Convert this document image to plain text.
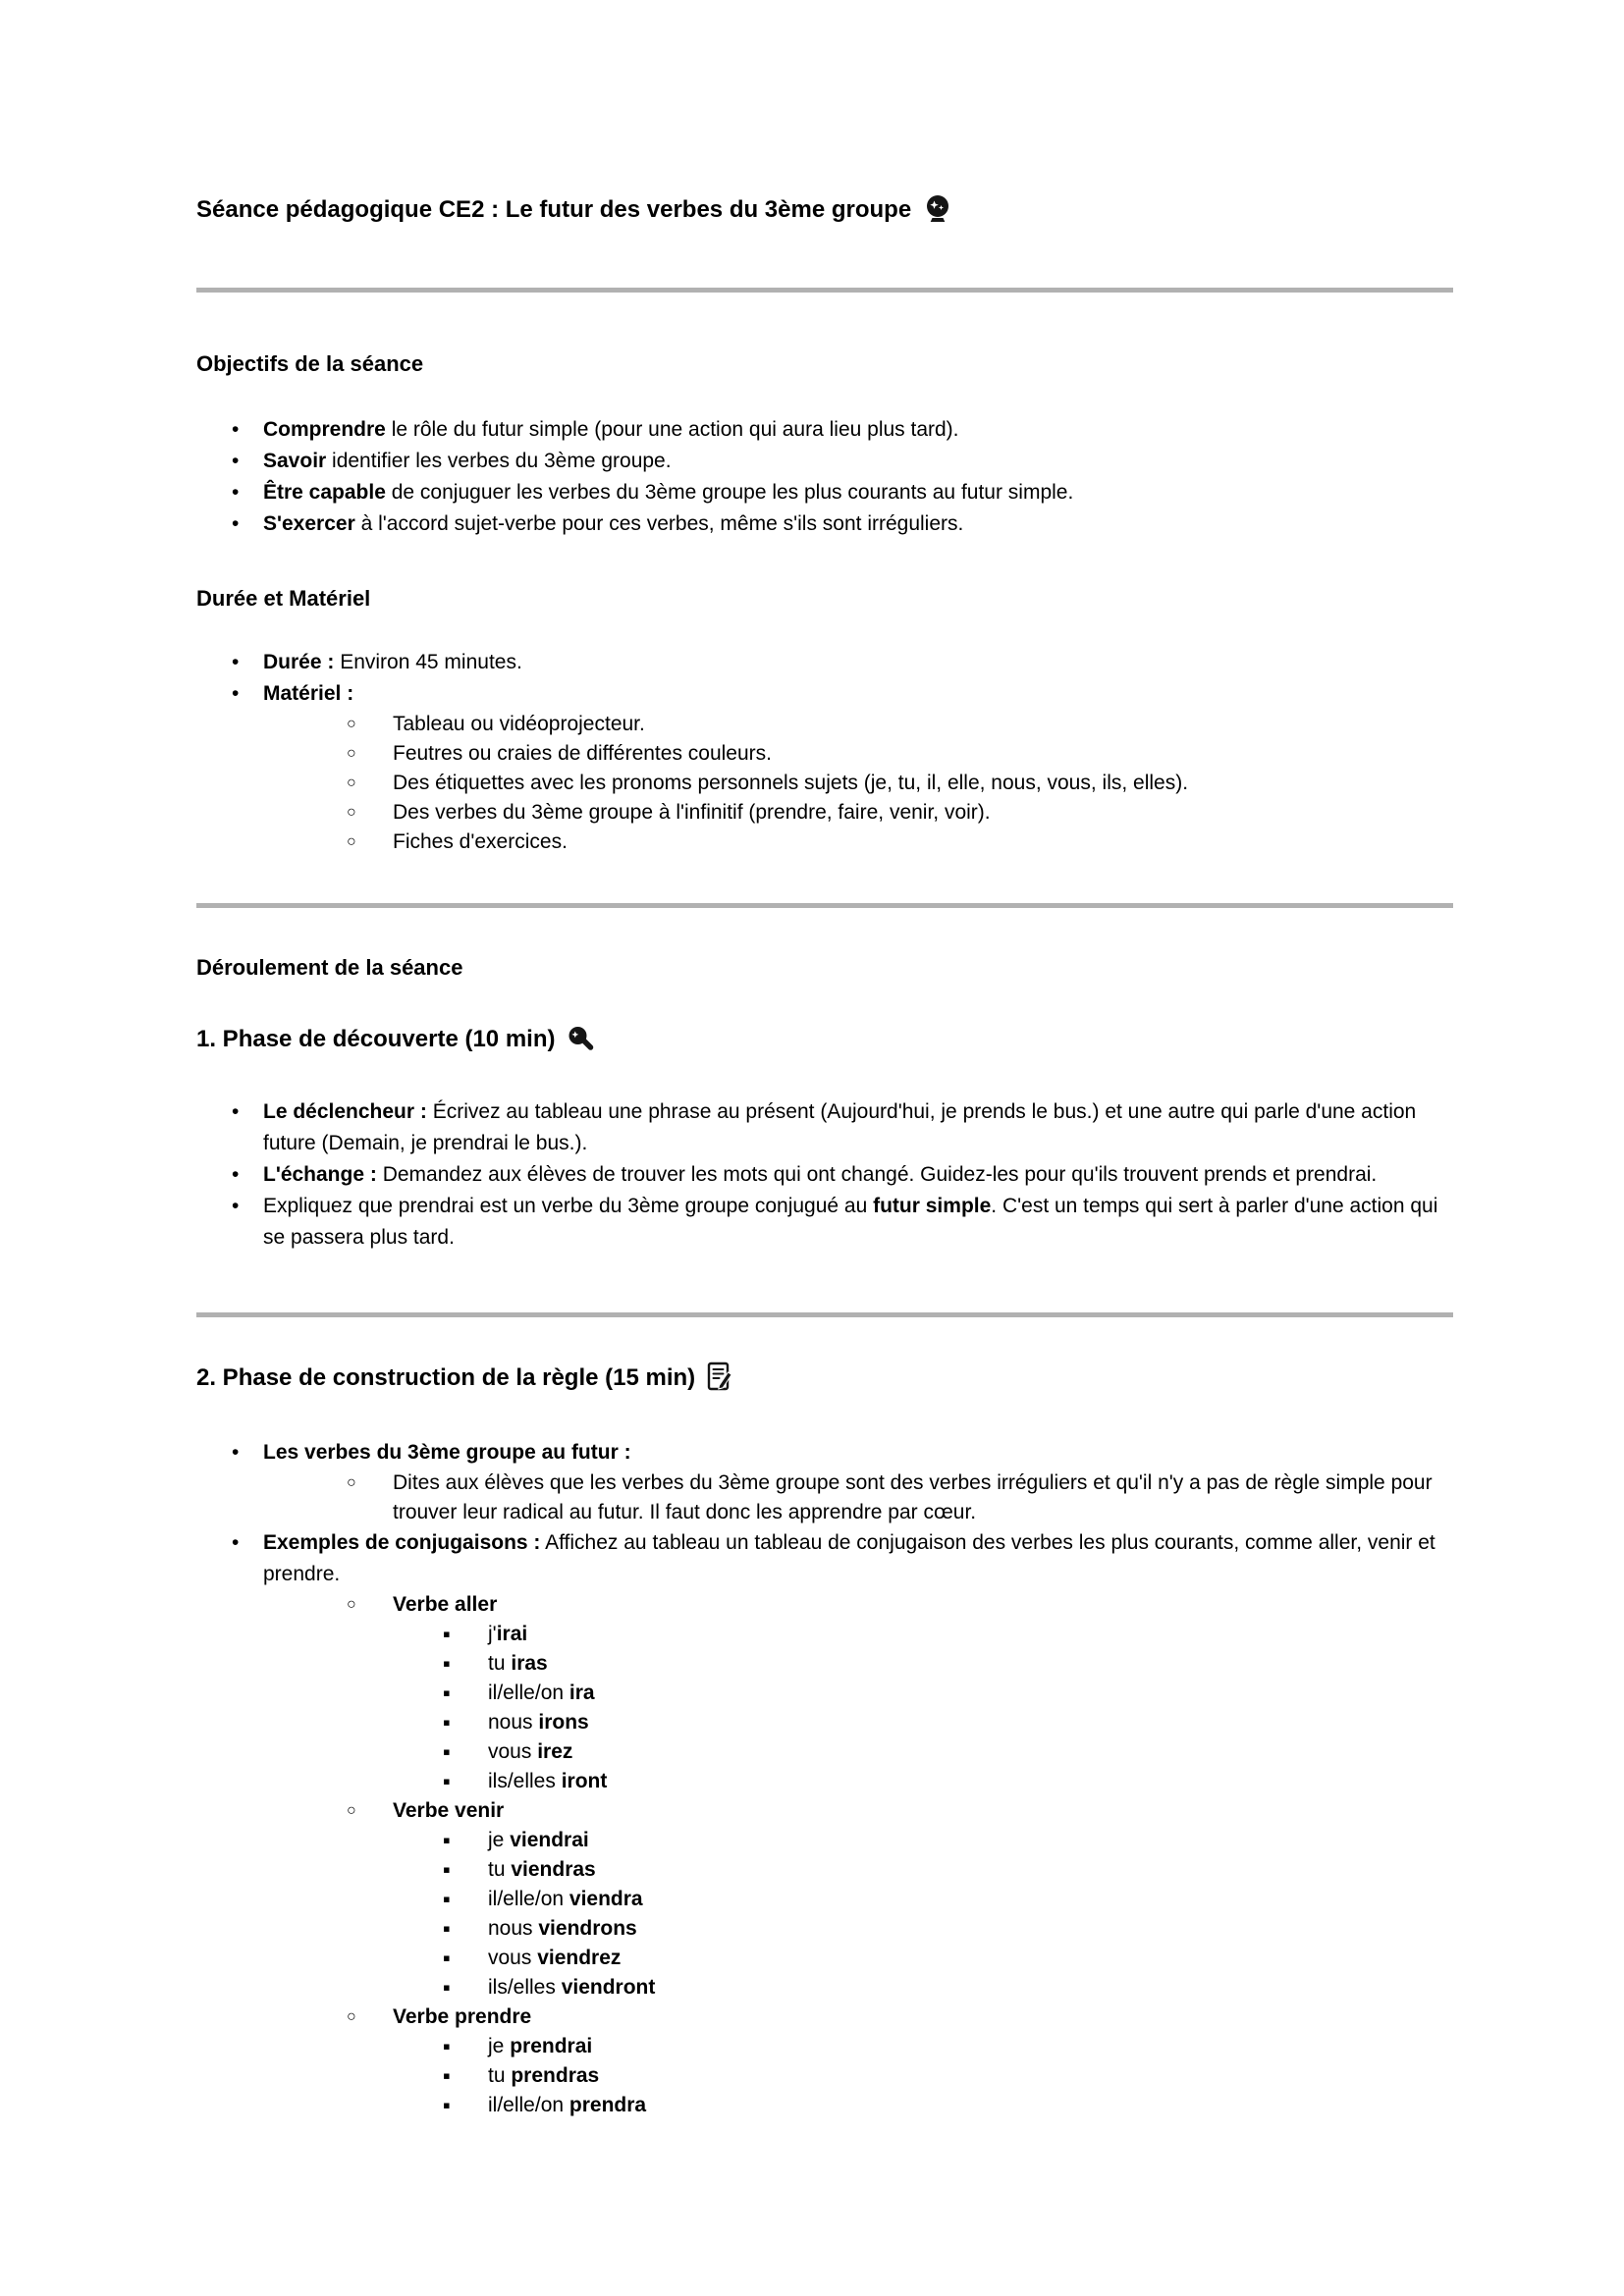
Séance pédagogique CE2 : Le futur des verbes du 3ème groupe
Objectifs de la séance
• Comprendre le rôle du futur simple (pour une action qui aura lieu plus tard).
• Savoir identifier les verbes du 3ème groupe.
• Être capable de conjuguer les verbes du 3ème groupe les plus courants au futur simple.
• S'exercer à l'accord sujet-verbe pour ces verbes, même s'ils sont irréguliers.
Durée et Matériel
• Durée : Environ 45 minutes.
• Matériel :
○ Tableau ou vidéoprojecteur.
○ Feutres ou craies de différentes couleurs.
○ Des étiquettes avec les pronoms personnels sujets (je, tu, il, elle, nous, vous, ils, elles).
○ Des verbes du 3ème groupe à l'infinitif (prendre, faire, venir, voir).
○ Fiches d'exercices.
Déroulement de la séance
1. Phase de découverte (10 min)
• Le déclencheur : Écrivez au tableau une phrase au présent (Aujourd'hui, je prends le bus.) et une autre qui parle d'une action future (Demain, je prendrai le bus.).
• L'échange : Demandez aux élèves de trouver les mots qui ont changé. Guidez-les pour qu'ils trouvent prends et prendrai.
• Expliquez que prendrai est un verbe du 3ème groupe conjugué au futur simple. C'est un temps qui sert à parler d'une action qui se passera plus tard.
2. Phase de construction de la règle (15 min)
• Les verbes du 3ème groupe au futur :
○ Dites aux élèves que les verbes du 3ème groupe sont des verbes irréguliers et qu'il n'y a pas de règle simple pour trouver leur radical au futur. Il faut donc les apprendre par cœur.
• Exemples de conjugaisons : Affichez au tableau un tableau de conjugaison des verbes les plus courants, comme aller, venir et prendre.
○ Verbe aller
▪ j'irai
▪ tu iras
▪ il/elle/on ira
▪ nous irons
▪ vous irez
▪ ils/elles iront
○ Verbe venir
▪ je viendrai
▪ tu viendras
▪ il/elle/on viendra
▪ nous viendrons
▪ vous viendrez
▪ ils/elles viendront
○ Verbe prendre
▪ je prendrai
▪ tu prendras
▪ il/elle/on prendra
